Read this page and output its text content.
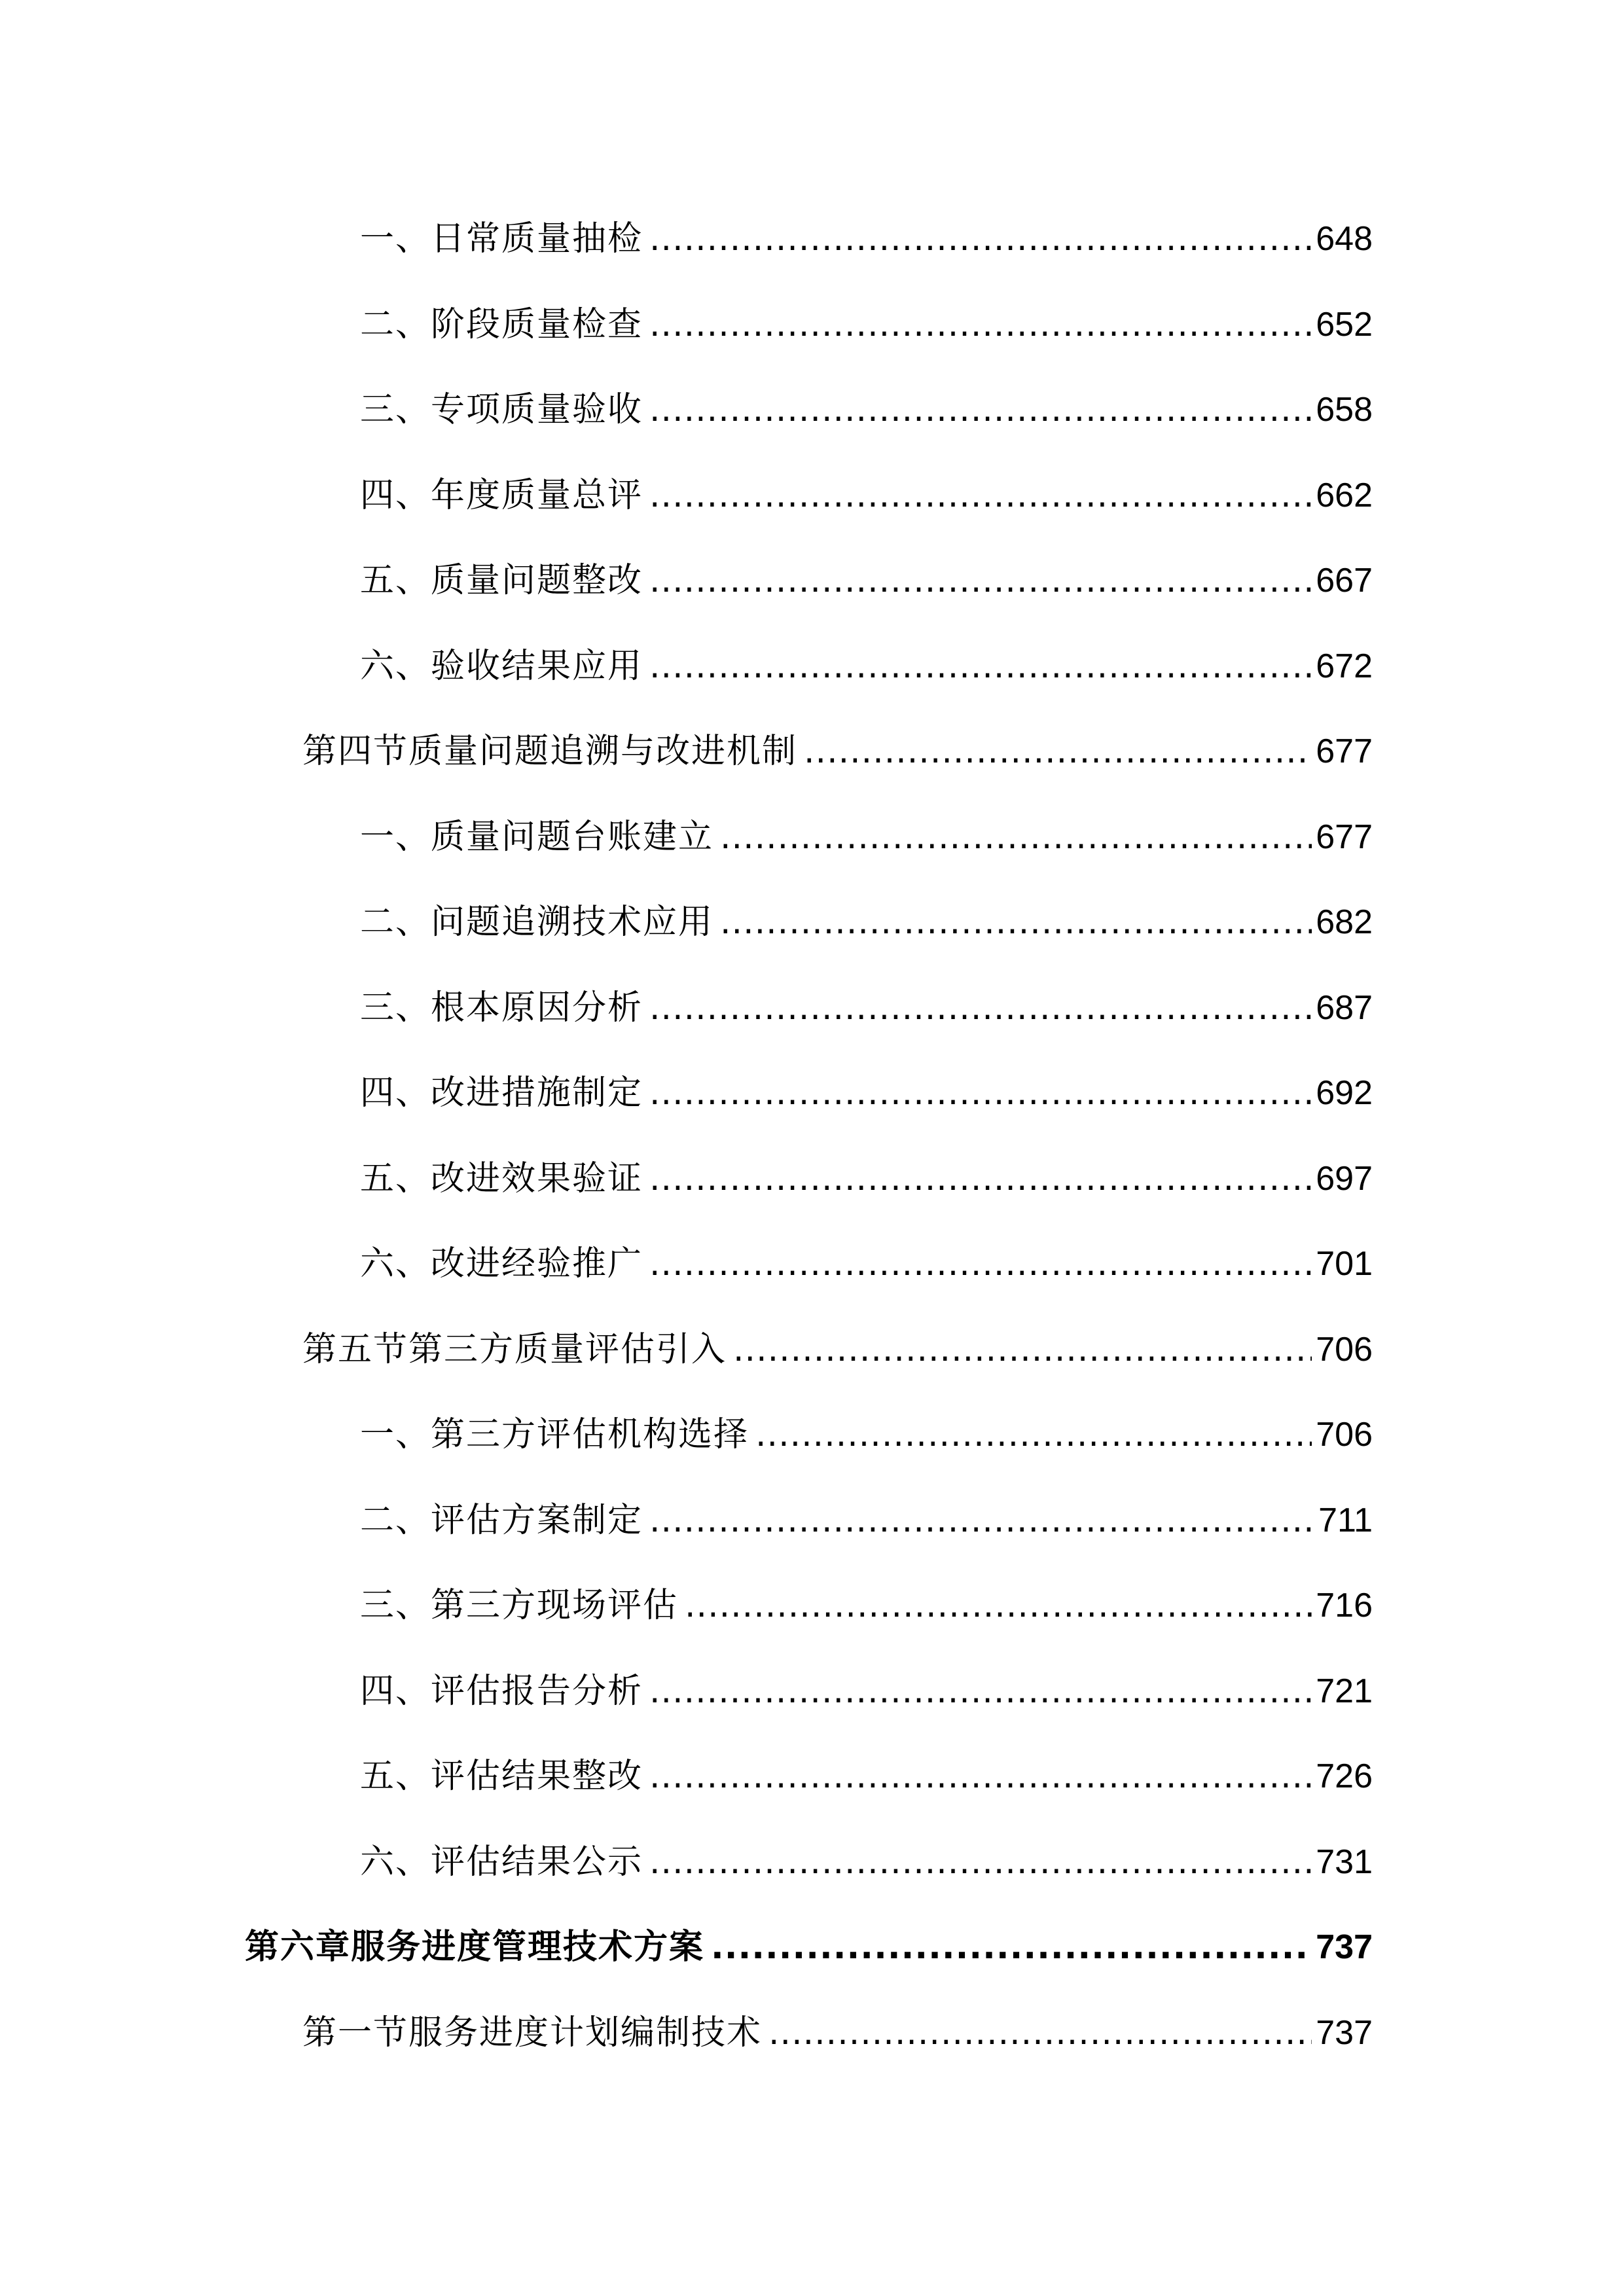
一、日常质量抽检 .....	648
二、阶段质量检查 .....	652
三、专项质量验收 .....	658
四、年度质量总评 .....	662
五、质量问题整改 .....	667
六、验收结果应用 .....	672
第四节质量问题追溯与改进机制 .....	677
一、质量问题台账建立 .....	677
二、问题追溯技术应用 .....	682
三、根本原因分析 .....	687
四、改进措施制定 .....	692
五、改进效果验证 .....	697
六、改进经验推广 .....	701
第五节第三方质量评估引入 .....	706
一、第三方评估机构选择 .....	706
二、评估方案制定 .....	711
三、第三方现场评估 .....	716
四、评估报告分析 .....	721
五、评估结果整改 .....	726
六、评估结果公示 .....	731
第六章服务进度管理技术方案 .....	737
第一节服务进度计划编制技术 .....	737
